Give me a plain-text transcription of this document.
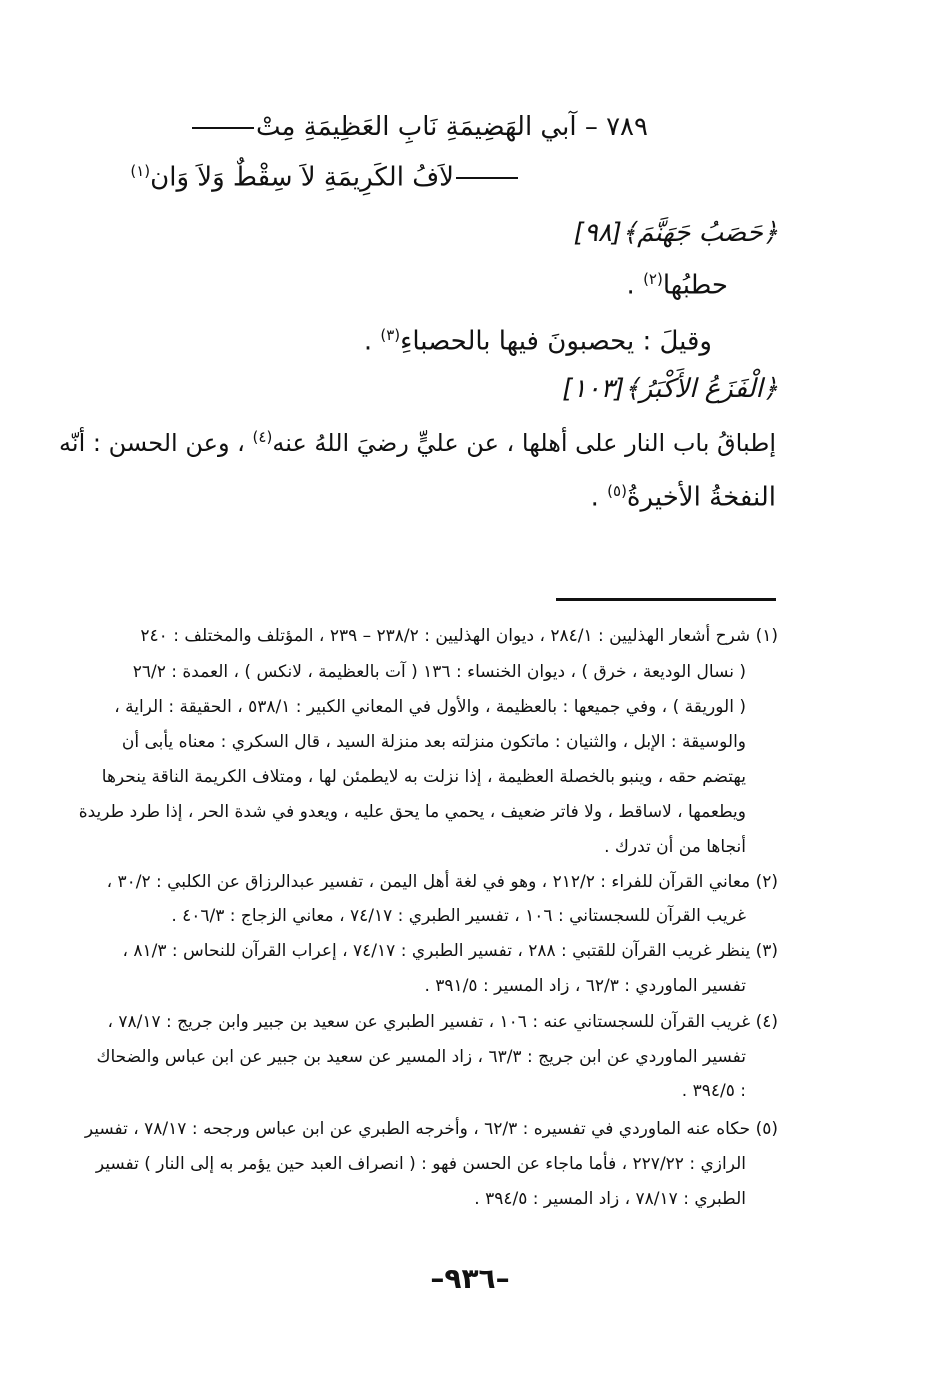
٧٨٩ – آبي الهَضِيمَةِ نَابِ العَظِيمَةِ مِتْ
لاَفُ الكَرِيمَةِ لاَ سِقْطٌ وَلاَ وَان$^{(١)}$
﴿حَصَبُ جَهَنَّمَ﴾[٩٨]
حطبُها$^{(٢)}$ .
وقيلَ : يحصبونَ فيها بالحصباءِ$^{(٣)}$ .
﴿الْفَزَعُ الأَكْبَرُ﴾[١٠٣]
إطباقُ باب النار على أهلها ، عن عليٍّ رضيَ اللهُ عنه$^{(٤)}$ ، وعن الحسن : أنّه
النفخةُ الأخيرةُ$^{(٥)}$ .
(١) شرح أشعار الهذليين : ٢٨٤/١ ، ديوان الهذليين : ٢٣٨/٢ – ٢٣٩ ، المؤتلف والمختلف : ٢٤٠
( نسال الوديعة ، خرق ) ، ديوان الخنساء : ١٣٦ ( آت بالعظيمة ، لانكس ) ، العمدة : ٢٦/٢
( الوريقة ) ، وفي جميعها : بالعظيمة ، والأول في المعاني الكبير : ٥٣٨/١ ، الحقيقة : الراية ،
والوسيقة : الإبل ، والثنيان : ماتكون منزلته بعد منزلة السيد ، قال السكري : معناه يأبى أن
يهتضم حقه ، وينبو بالخصلة العظيمة ، إذا نزلت به لايطمئن لها ، ومتلاف الكريمة الناقة ينحرها
ويطعمها ، لاساقط ، ولا فاتر ضعيف ، يحمي ما يحق عليه ، ويعدو في شدة الحر ، إذا طرد طريدة
أنجاها من أن تدرك .
(٢) معاني القرآن للفراء : ٢١٢/٢ ، وهو في لغة أهل اليمن ، تفسير عبدالرزاق عن الكلبي : ٣٠/٢ ،
غريب القرآن للسجستاني : ١٠٦ ، تفسير الطبري : ٧٤/١٧ ، معاني الزجاج : ٤٠٦/٣ .
(٣) ينظر غريب القرآن للقتبي : ٢٨٨ ، تفسير الطبري : ٧٤/١٧ ، إعراب القرآن للنحاس : ٨١/٣ ،
تفسير الماوردي : ٦٢/٣ ، زاد المسير : ٣٩١/٥ .
(٤) غريب القرآن للسجستاني عنه : ١٠٦ ، تفسير الطبري عن سعيد بن جبير وابن جريج : ٧٨/١٧ ،
تفسير الماوردي عن ابن جريج : ٦٣/٣ ، زاد المسير عن سعيد بن جبير عن ابن عباس والضحاك
: ٣٩٤/٥ .
(٥) حكاه عنه الماوردي في تفسيره : ٦٢/٣ ، وأخرجه الطبري عن ابن عباس ورجحه : ٧٨/١٧ ، تفسير
الرازي : ٢٢٧/٢٢ ، فأما ماجاء عن الحسن فهو : ( انصراف العبد حين يؤمر به إلى النار ) تفسير
الطبري : ٧٨/١٧ ، زاد المسير : ٣٩٤/٥ .
–٩٣٦–
